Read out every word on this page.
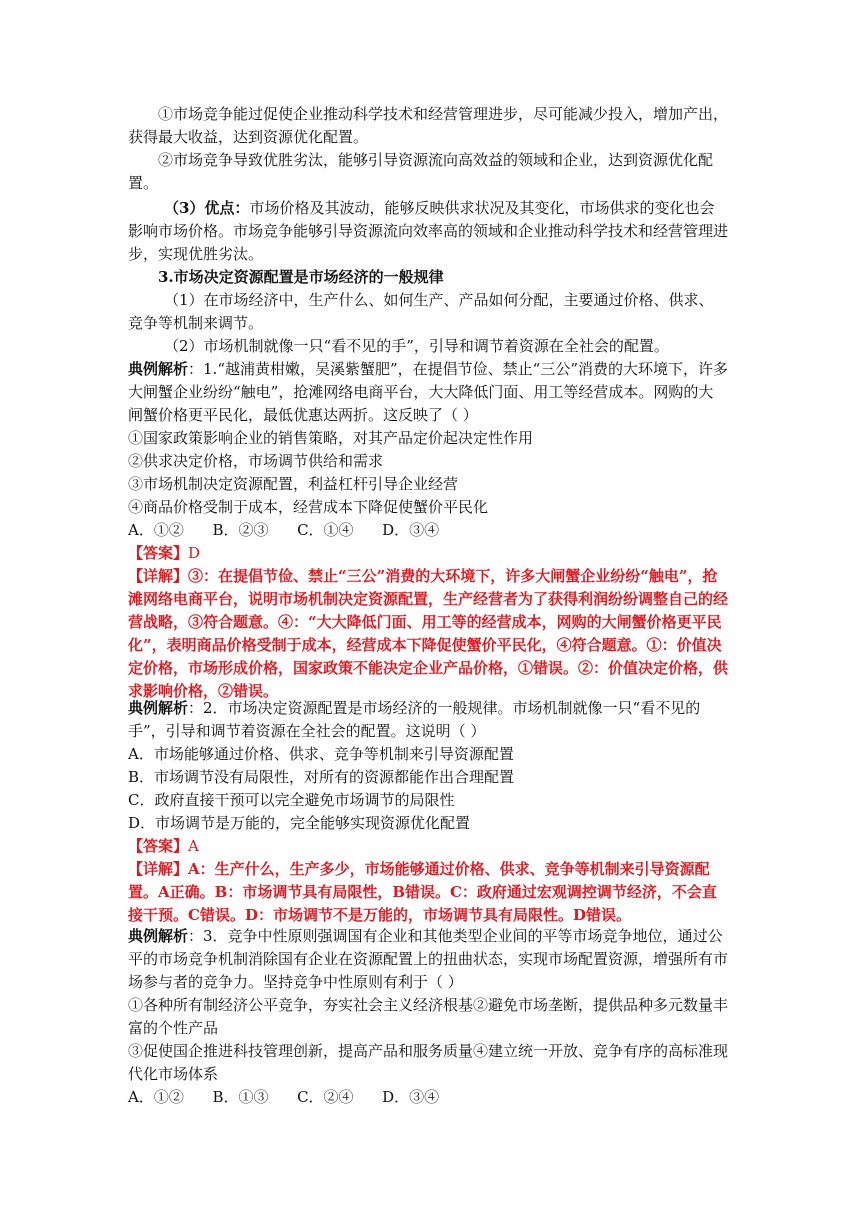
①市场竞争能过促使企业推动科学技术和经营管理进步，尽可能减少投入，增加产出，获得最大收益，达到资源优化配置。

②市场竞争导致优胜劣汰，能够引导资源流向高效益的领域和企业，达到资源优化配置。

（3）优点：市场价格及其波动，能够反映供求状况及其变化，市场供求的变化也会影响市场价格。市场竞争能够引导资源流向效率高的领域和企业推动科学技术和经营管理进步，实现优胜劣汰。

3.市场决定资源配置是市场经济的一般规律

（1）在市场经济中，生产什么、如何生产、产品如何分配，主要通过价格、供求、竞争等机制来调节。

（2）市场机制就像一只“看不见的手”，引导和调节着资源在全社会的配置。

典例解析：1.“越浦黄柑嫩，吴溪紫蟹肥”，在提倡节俭、禁止“三公”消费的大环境下，许多大闸蟹企业纷纷“触电”，抢滩网络电商平台，大大降低门面、用工等经营成本。网购的大闸蟹价格更平民化，最低优惠达两折。这反映了（ ）

①国家政策影响企业的销售策略，对其产品定价起决定性作用

②供求决定价格，市场调节供给和需求

③市场机制决定资源配置，利益杠杆引导企业经营

④商品价格受制于成本，经营成本下降促使蟹价平民化

A．①②      B．②③      C．①④      D．③④

【答案】D

【详解】③：在提倡节俭、禁止“三公”消费的大环境下，许多大闸蟹企业纷纷“触电”，抢滩网络电商平台，说明市场机制决定资源配置，生产经营者为了获得利润纷纷调整自己的经营战略，③符合题意。④：“大大降低门面、用工等的经营成本，网购的大闸蟹价格更平民化”，表明商品价格受制于成本，经营成本下降促使蟹价平民化，④符合题意。①：价值决定价格，市场形成价格，国家政策不能决定企业产品价格，①错误。②：价值决定价格，供求影响价格，②错误。

典例解析：2．市场决定资源配置是市场经济的一般规律。市场机制就像一只“看不见的手”，引导和调节着资源在全社会的配置。这说明（ ）

A．市场能够通过价格、供求、竞争等机制来引导资源配置

B．市场调节没有局限性，对所有的资源都能作出合理配置

C．政府直接干预可以完全避免市场调节的局限性

D．市场调节是万能的，完全能够实现资源优化配置

【答案】A

【详解】A：生产什么，生产多少，市场能够通过价格、供求、竞争等机制来引导资源配置。A正确。B：市场调节具有局限性，B错误。C：政府通过宏观调控调节经济，不会直接干预。C错误。D：市场调节不是万能的，市场调节具有局限性。D错误。

典例解析：3．竞争中性原则强调国有企业和其他类型企业间的平等市场竞争地位，通过公平的市场竞争机制消除国有企业在资源配置上的扭曲状态，实现市场配置资源，增强所有市场参与者的竞争力。坚持竞争中性原则有利于（ ）

①各种所有制经济公平竞争，夯实社会主义经济根基②避免市场垄断，提供品种多元数量丰富的个性产品

③促使国企推进科技管理创新，提高产品和服务质量④建立统一开放、竞争有序的高标准现代化市场体系

A．①②      B．①③      C．②④      D．③④
